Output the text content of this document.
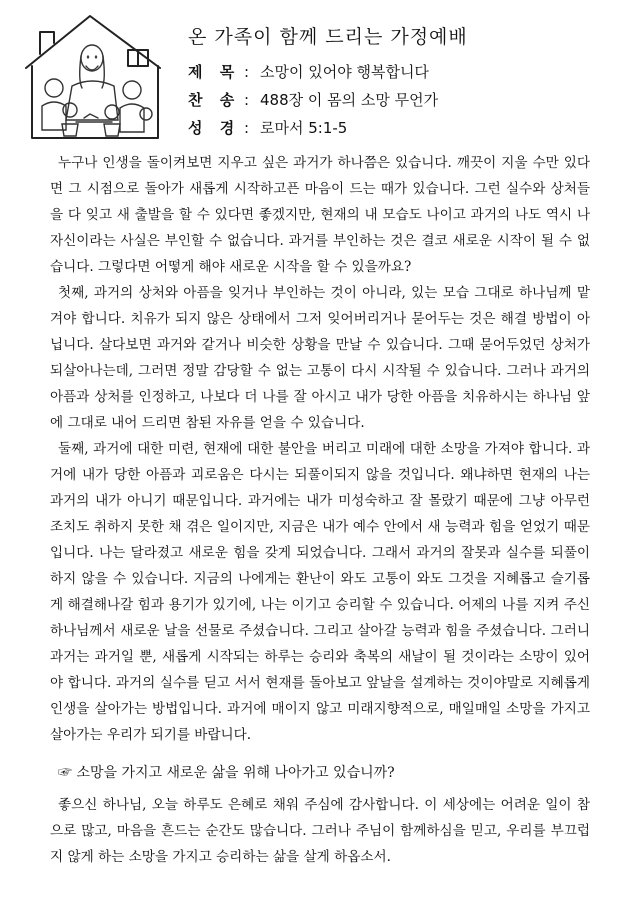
온 가족이 함께 드리는 가정예배
제 목 : 소망이 있어야 행복합니다
찬 송 : 488장 이 몸의 소망 무언가
성 경 : 로마서 5:1-5

누구나 인생을 돌이켜보면 지우고 싶은 과거가 하나쯤은 있습니다. 깨끗이 지울 수만 있다면 그 시점으로 돌아가 새롭게 시작하고픈 마음이 드는 때가 있습니다. 그런 실수와 상처들을 다 잊고 새 출발을 할 수 있다면 좋겠지만, 현재의 내 모습도 나이고 과거의 나도 역시 나 자신이라는 사실은 부인할 수 없습니다. 과거를 부인하는 것은 결코 새로운 시작이 될 수 없습니다. 그렇다면 어떻게 해야 새로운 시작을 할 수 있을까요?

첫째, 과거의 상처와 아픔을 잊거나 부인하는 것이 아니라, 있는 모습 그대로 하나님께 맡겨야 합니다. 치유가 되지 않은 상태에서 그저 잊어버리거나 묻어두는 것은 해결 방법이 아닙니다. 살다보면 과거와 같거나 비슷한 상황을 만날 수 있습니다. 그때 묻어두었던 상처가 되살아나는데, 그러면 정말 감당할 수 없는 고통이 다시 시작될 수 있습니다. 그러나 과거의 아픔과 상처를 인정하고, 나보다 더 나를 잘 아시고 내가 당한 아픔을 치유하시는 하나님 앞에 그대로 내어 드리면 참된 자유를 얻을 수 있습니다.

둘째, 과거에 대한 미련, 현재에 대한 불안을 버리고 미래에 대한 소망을 가져야 합니다. 과거에 내가 당한 아픔과 괴로움은 다시는 되풀이되지 않을 것입니다. 왜냐하면 현재의 나는 과거의 내가 아니기 때문입니다. 과거에는 내가 미성숙하고 잘 몰랐기 때문에 그냥 아무런 조치도 취하지 못한 채 겪은 일이지만, 지금은 내가 예수 안에서 새 능력과 힘을 얻었기 때문입니다. 나는 달라졌고 새로운 힘을 갖게 되었습니다. 그래서 과거의 잘못과 실수를 되풀이하지 않을 수 있습니다. 지금의 나에게는 환난이 와도 고통이 와도 그것을 지혜롭고 슬기롭게 해결해나갈 힘과 용기가 있기에, 나는 이기고 승리할 수 있습니다. 어제의 나를 지켜 주신 하나님께서 새로운 날을 선물로 주셨습니다. 그리고 살아갈 능력과 힘을 주셨습니다. 그러니 과거는 과거일 뿐, 새롭게 시작되는 하루는 승리와 축복의 새날이 될 것이라는 소망이 있어야 합니다. 과거의 실수를 딛고 서서 현재를 돌아보고 앞날을 설계하는 것이야말로 지혜롭게 인생을 살아가는 방법입니다. 과거에 매이지 않고 미래지향적으로, 매일매일 소망을 가지고 살아가는 우리가 되기를 바랍니다.

☞ 소망을 가지고 새로운 삶을 위해 나아가고 있습니까?

좋으신 하나님, 오늘 하루도 은혜로 채워 주심에 감사합니다. 이 세상에는 어려운 일이 참으로 많고, 마음을 흔드는 순간도 많습니다. 그러나 주님이 함께하심을 믿고, 우리를 부끄럽지 않게 하는 소망을 가지고 승리하는 삶을 살게 하옵소서.
